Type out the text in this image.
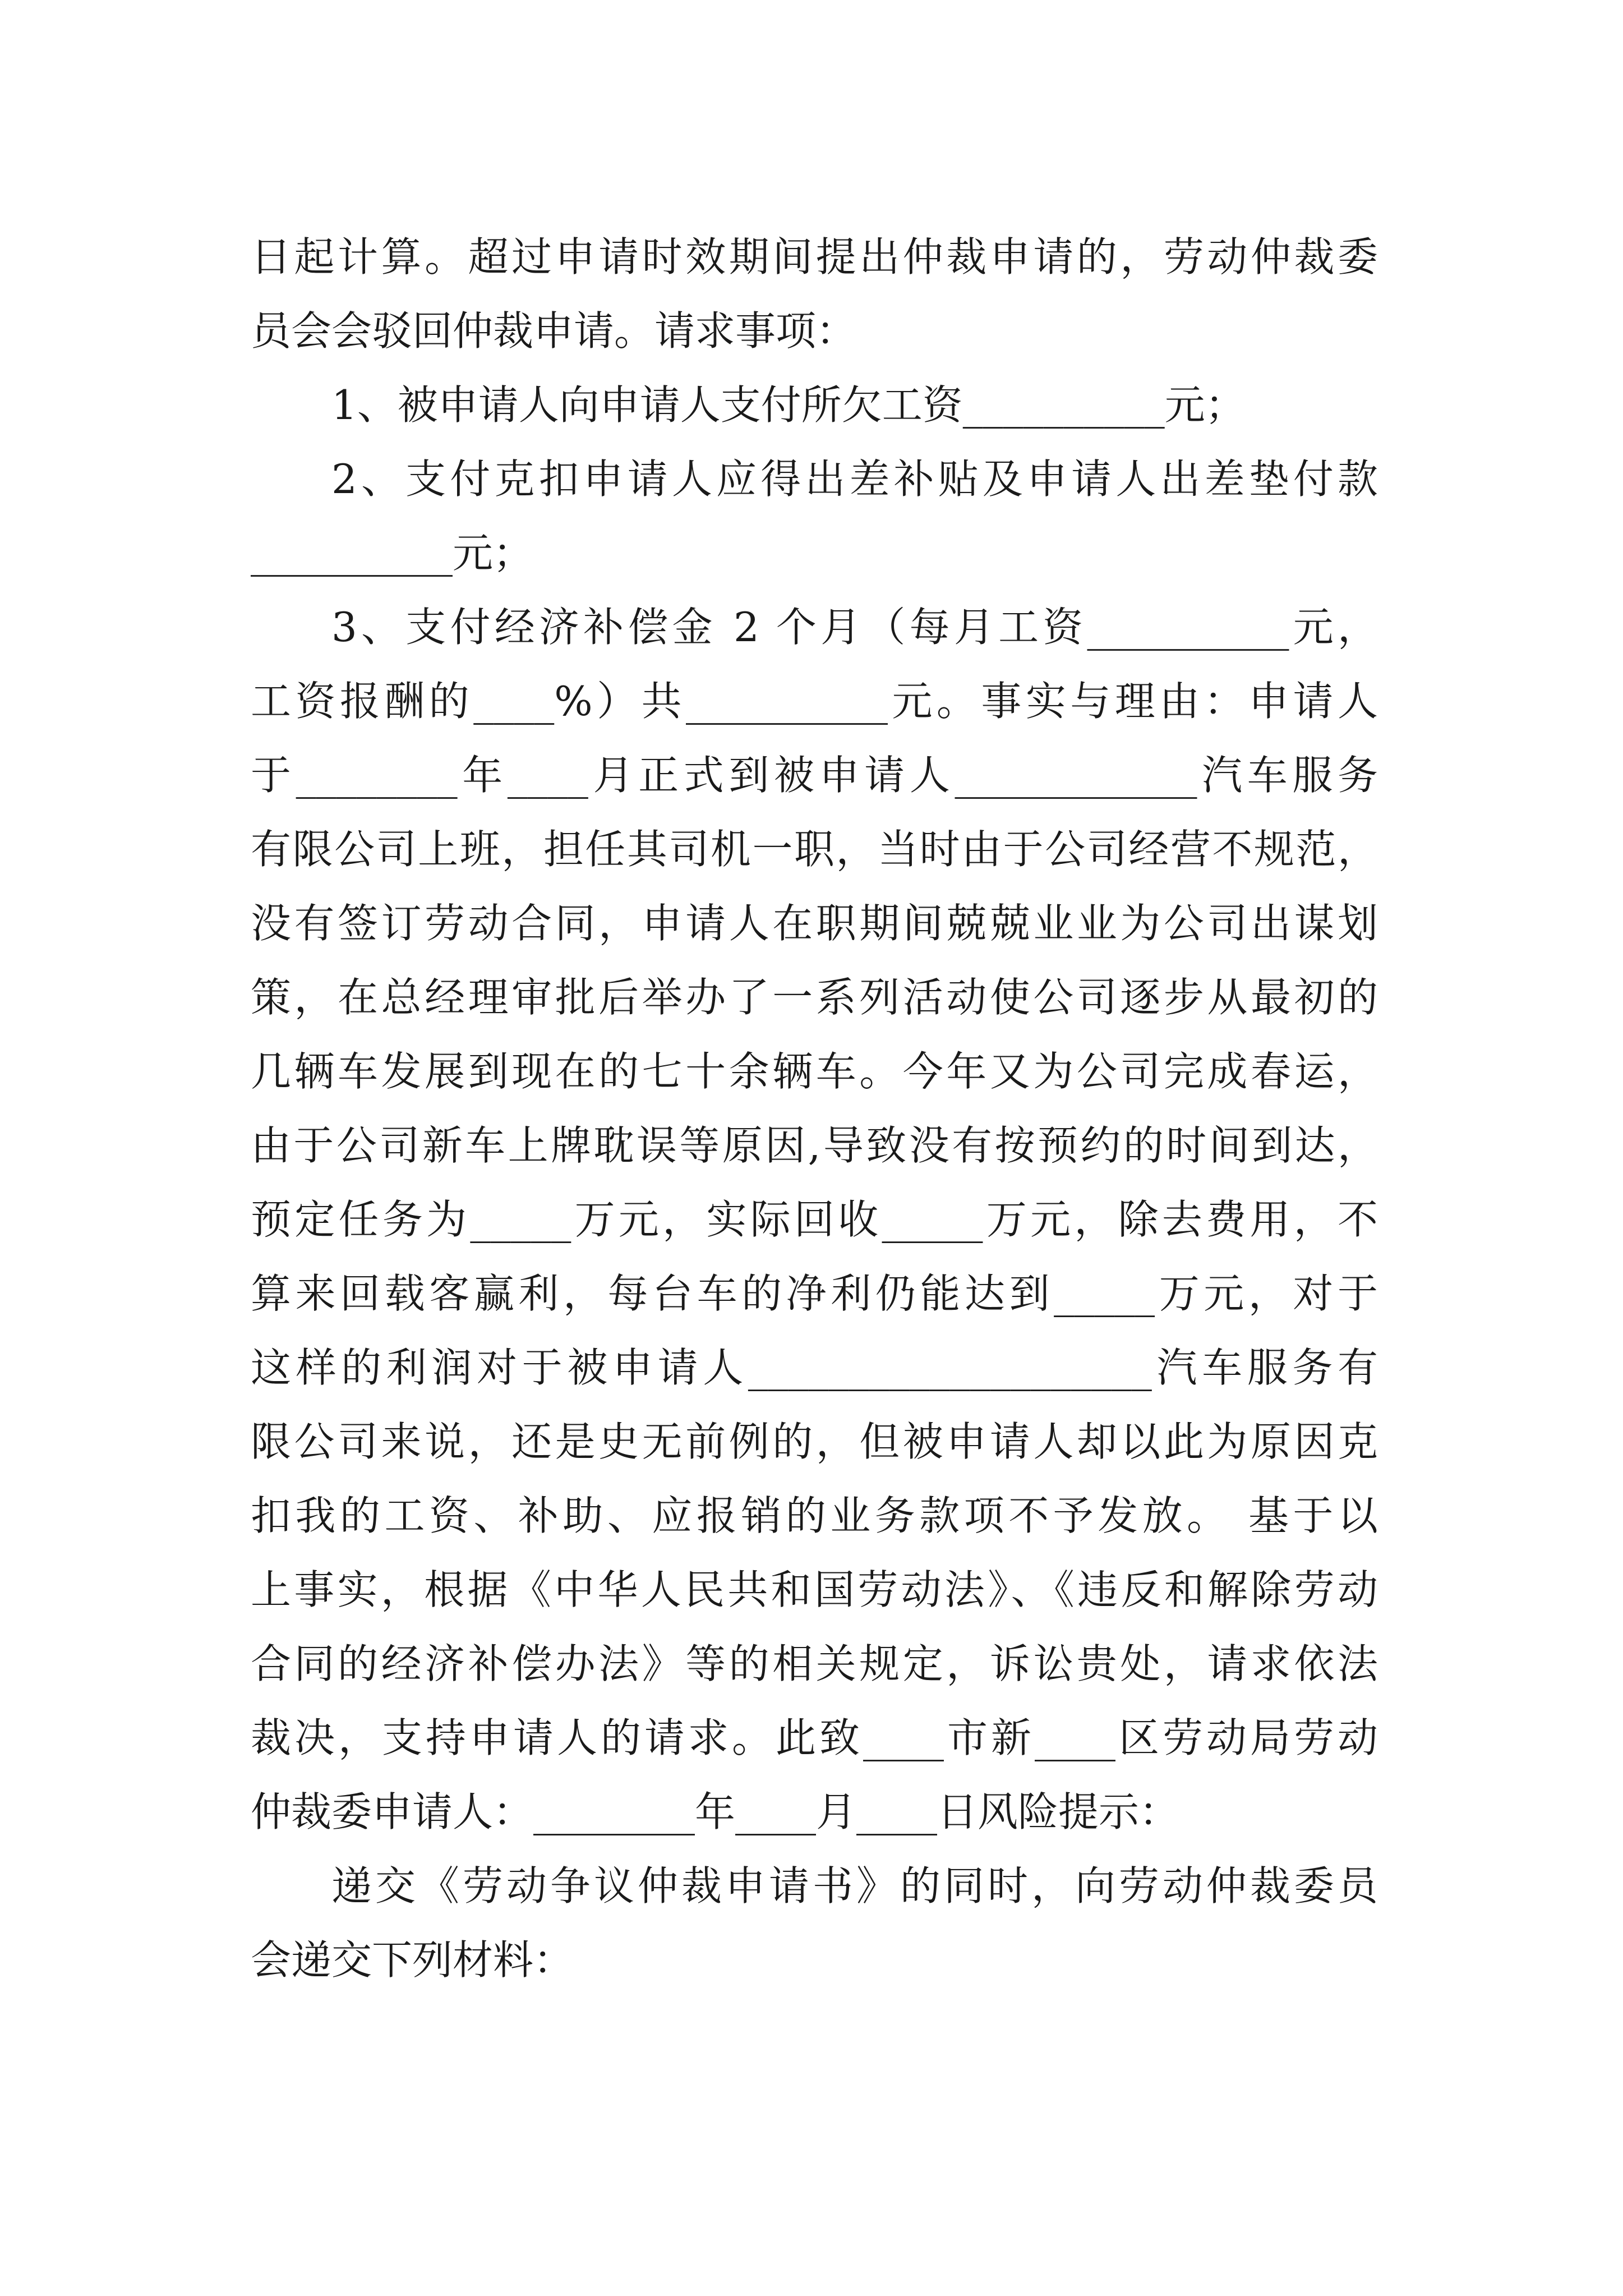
日起计算。超过申请时效期间提出仲裁申请的，劳动仲裁委
员会会驳回仲裁申请。请求事项：
1、被申请人向申请人支付所欠工资__________元；
2、支付克扣申请人应得出差补贴及申请人出差垫付款
__________元；
3、支付经济补偿金 2 个月（每月工资__________元，
工资报酬的____%）共__________元。事实与理由：申请人
于________年____月正式到被申请人____________汽车服务
有限公司上班，担任其司机一职，当时由于公司经营不规范，
没有签订劳动合同，申请人在职期间兢兢业业为公司出谋划
策，在总经理审批后举办了一系列活动使公司逐步从最初的
几辆车发展到现在的七十余辆车。今年又为公司完成春运，
由于公司新车上牌耽误等原因,导致没有按预约的时间到达，
预定任务为_____万元，实际回收_____万元，除去费用，不
算来回载客赢利，每台车的净利仍能达到_____万元，对于
这样的利润对于被申请人____________________汽车服务有
限公司来说，还是史无前例的，但被申请人却以此为原因克
扣我的工资、补助、应报销的业务款项不予发放。 基于以
上事实，根据《中华人民共和国劳动法》、《违反和解除劳动
合同的经济补偿办法》等的相关规定，诉讼贵处，请求依法
裁决，支持申请人的请求。此致____市新____区劳动局劳动
仲裁委申请人：________年____月____日风险提示：
递交《劳动争议仲裁申请书》的同时，向劳动仲裁委员
会递交下列材料：
